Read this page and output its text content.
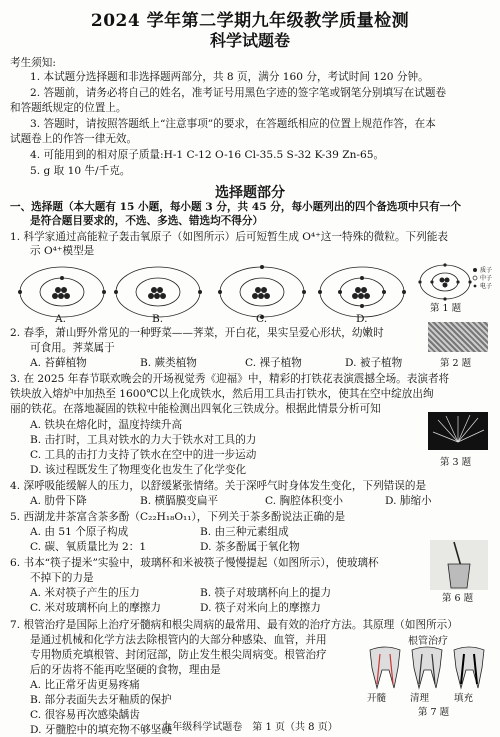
2024 学年第二学期九年级教学质量检测
科学试题卷
考生须知:
1. 本试题分选择题和非选择题两部分，共 8 页，满分 160 分，考试时间 120 分钟。
2. 答题前，请务必将自己的姓名，准考证号用黑色字迹的签字笔或钢笔分别填写在试题卷
和答题纸规定的位置上。
3. 答题时，请按照答题纸上“注意事项”的要求，在答题纸相应的位置上规范作答，在本
试题卷上的作答一律无效。
4. 可能用到的相对原子质量:H-1 C-12 O-16 Cl-35.5 S-32 K-39 Zn-65。
5. g 取 10 牛/千克。
选择题部分
一、选择题（本大题有 15 小题，每小题 3 分，共 45 分，每小题列出的四个备选项中只有一个
是符合题目要求的，不选、多选、错选均不得分）
1. 科学家通过高能粒子轰击氧原子（如图所示）后可短暂生成 O⁴⁺这一特殊的微粒。下列能表
示 O⁴⁺模型是
质子
中子
电子
A.	B.	C.	D.
第 1 题
2. 春季，萧山野外常见的一种野菜——荠菜，开白花，果实呈爱心形状，幼嫩时
可食用。荠菜属于
A. 苔藓植物	B. 蕨类植物	C. 裸子植物	D. 被子植物	第 2 题
3. 在 2025 年春节联欢晚会的开场视觉秀《迎福》中，精彩的打铁花表演震撼全场。表演者将
铁块放入熔炉中加热至 1600℃以上化成铁水，然后用工具击打铁水，使其在空中绽放出绚
丽的铁花。在落地凝固的铁粒中能检测出四氧化三铁成分。根据此情景分析可知
A. 铁块在熔化时，温度持续升高
B. 击打时，工具对铁水的力大于铁水对工具的力
C. 工具的击打力支持了铁水在空中的进一步运动
D. 该过程既发生了物理变化也发生了化学变化
第 3 题
4. 深呼吸能缓解人的压力，以舒缓紧张情绪。关于深呼气时身体发生变化，下列错误的是
A. 肋骨下降	B. 横膈膜变扁平	C. 胸腔体积变小	D. 肺缩小
5. 西湖龙井茶富含茶多酚（C₂₂H₁₈O₁₁），下列关于茶多酚说法正确的是
A. 由 51 个原子构成	B. 由三种元素组成
C. 碳、氧质量比为 2：1	D. 茶多酚属于氧化物
6. 书本“筷子提米”实验中，玻璃杯和米被筷子慢慢提起（如图所示），使玻璃杯
不掉下的力是
A. 米对筷子产生的压力	B. 筷子对玻璃杯向上的提力
C. 米对玻璃杯向上的摩擦力	D. 筷子对米向上的摩擦力
第 6 题
7. 根管治疗是国际上治疗牙髓病和根尖周病的最常用、最有效的治疗方法。其原理（如图所示）
是通过机械和化学方法去除根管内的大部分种感染、血管，并用
专用物质充填根管、封闭冠部，防止发生根尖周病变。根管治疗
后的牙齿将不能再吃坚硬的食物，理由是
A. 比正常牙齿更易疼痛
B. 部分表面失去牙釉质的保护
C. 很容易再次感染龋齿
D. 牙髓腔中的填充物不够坚硬
根管治疗
开髓	清理	填充
第 7 题
九年级科学试题卷　第 1 页（共 8 页）
